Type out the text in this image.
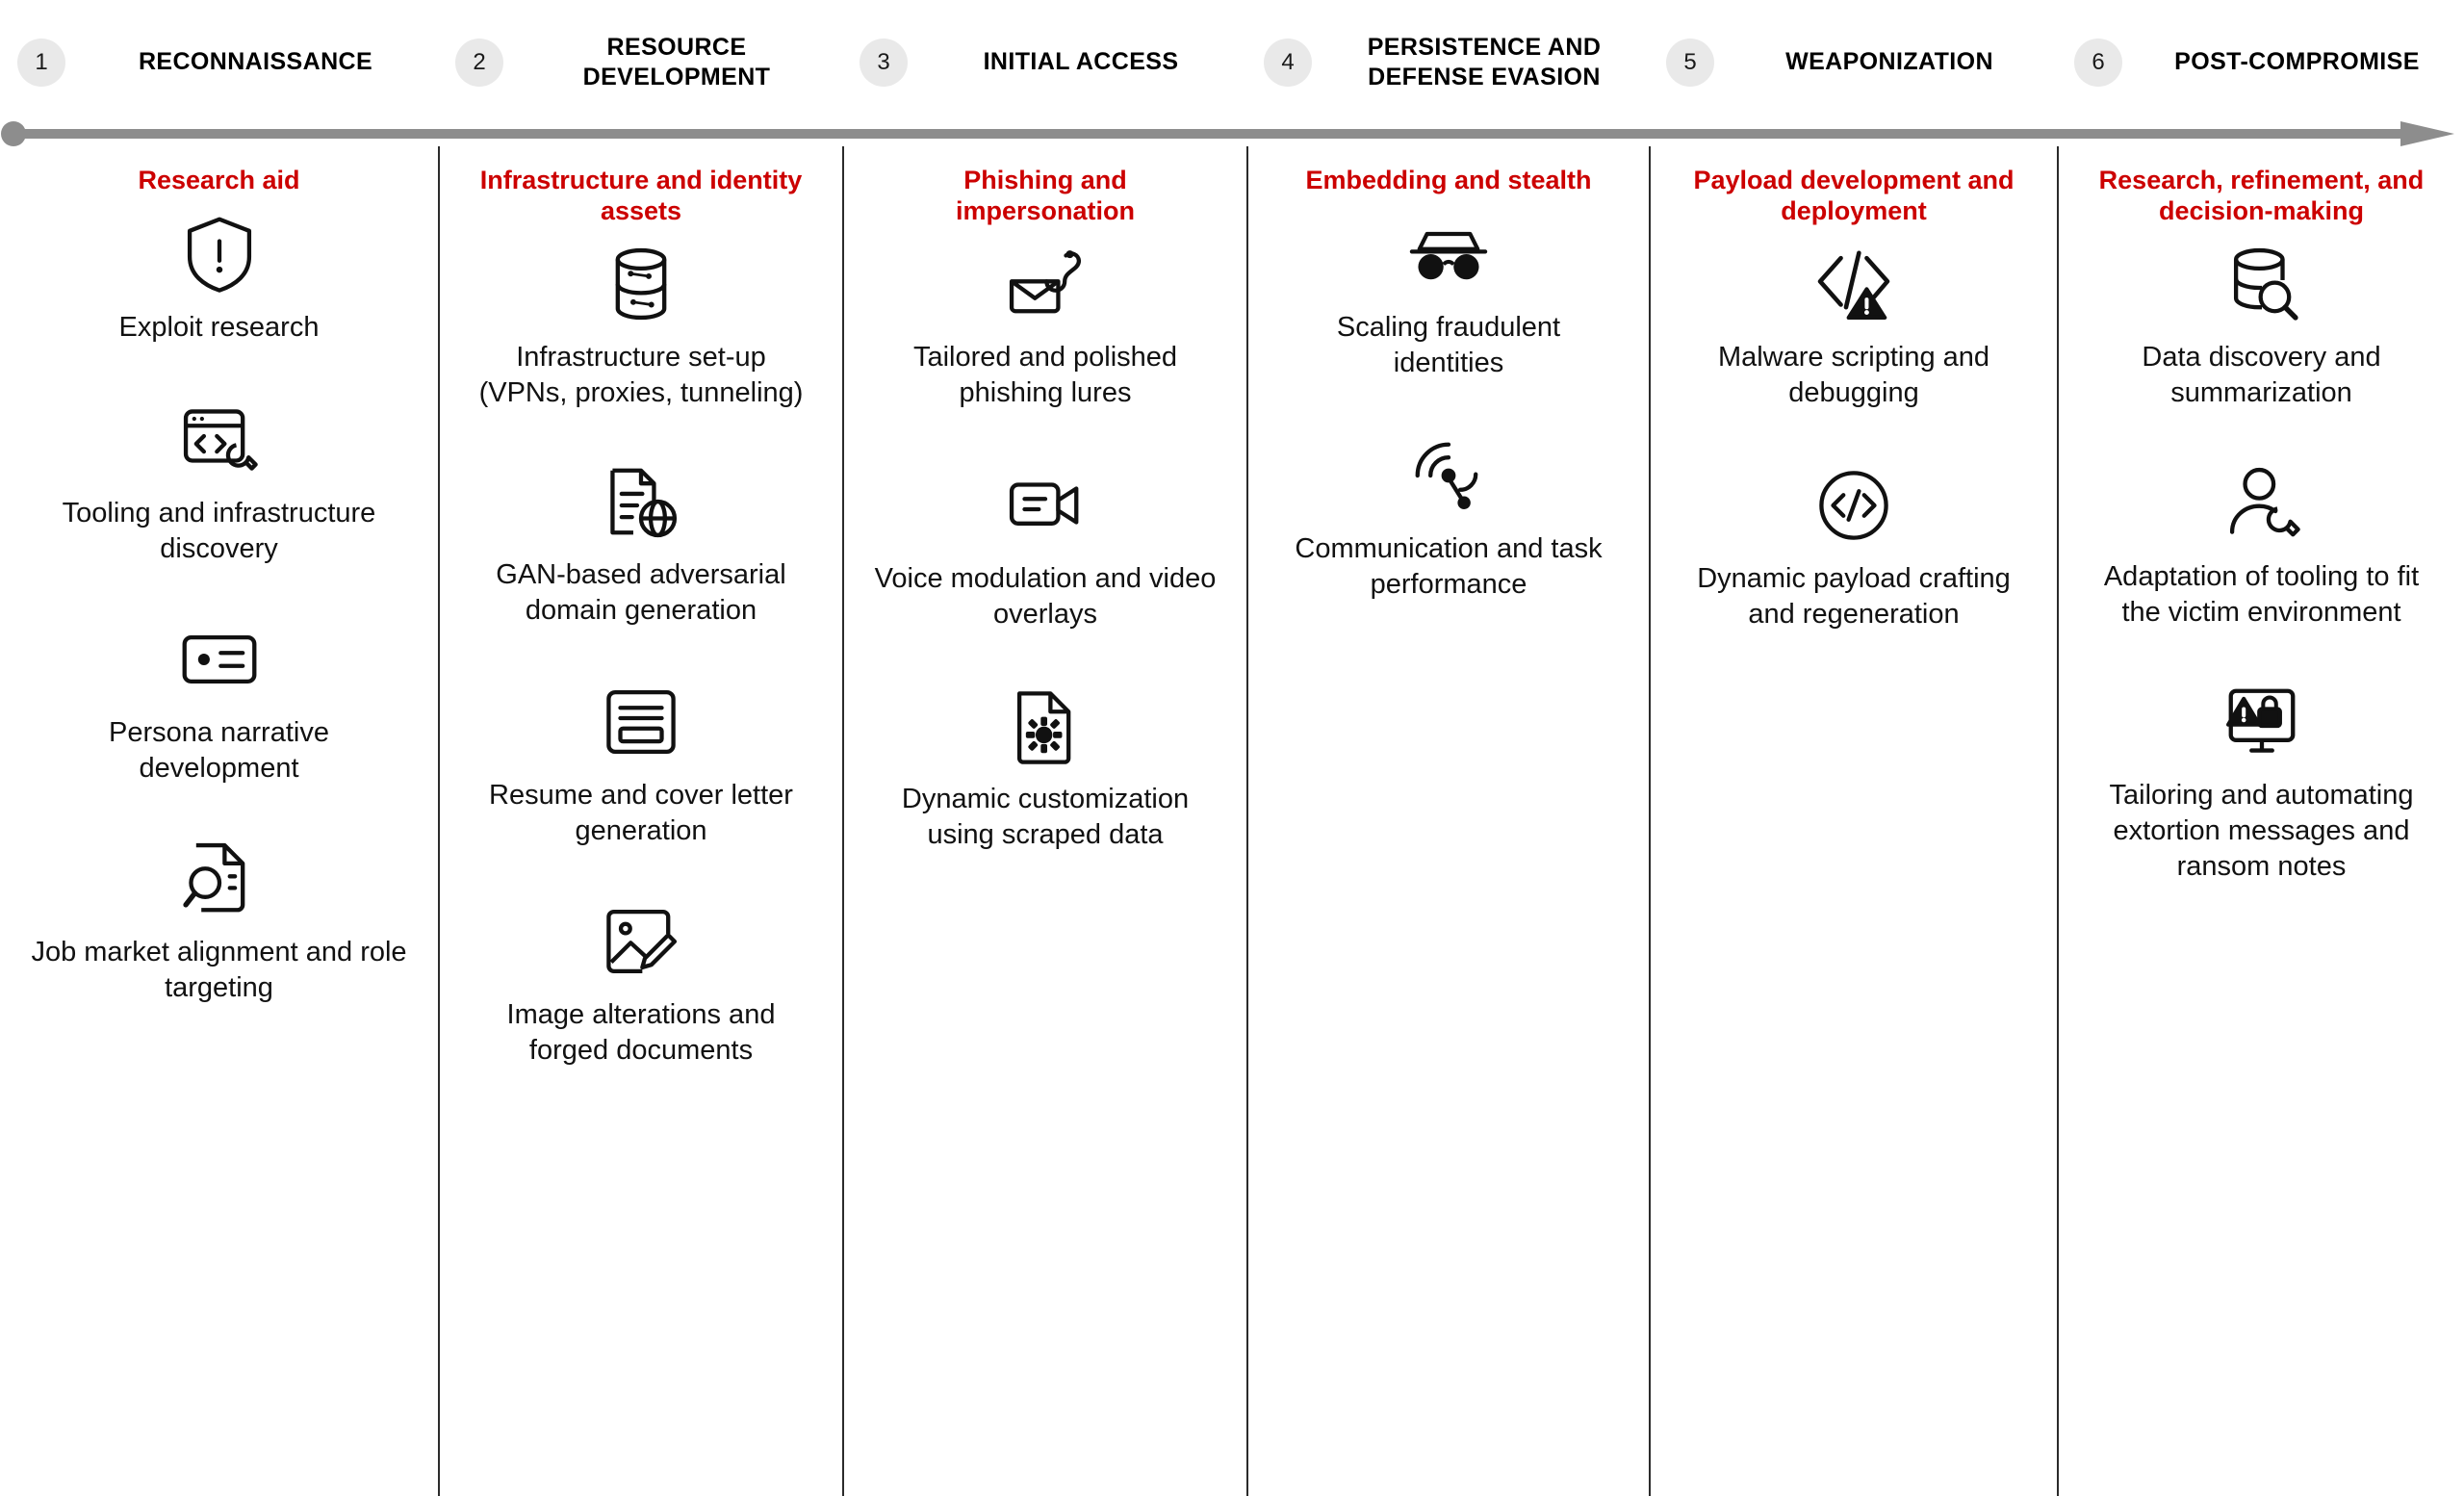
1	RECONNAISSANCE	2
RESOURCE DEVELOPMENT
3	INITIAL ACCESS	4
PERSISTENCE AND DEFENSE EVASION
5	WEAPONIZATION	6	POST-COMPROMISE
Research aid
Exploit research
Tooling and infrastructure discovery
Persona narrative development
Job market alignment and role targeting
Infrastructure and identity assets
Infrastructure set-up (VPNs, proxies, tunneling)
GAN-based adversarial domain generation
Resume and cover letter generation
Image alterations and forged documents
Phishing and impersonation
Tailored and polished phishing lures
Voice modulation and video overlays
Dynamic customization using scraped data
Embedding and stealth
Scaling fraudulent identities
Communication and task performance
Payload development and deployment
Malware scripting and debugging
Dynamic payload crafting and regeneration
Research, refinement, and decision-making
Data discovery and summarization
Adaptation of tooling to fit the victim environment
Tailoring and automating extortion messages and ransom notes
